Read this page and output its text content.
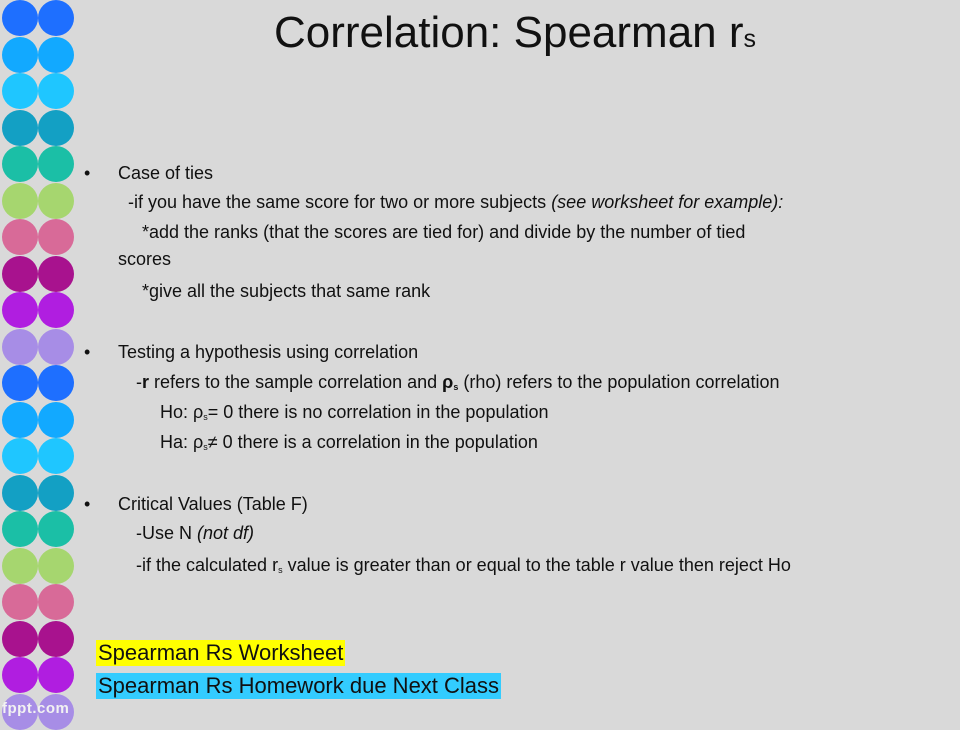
Correlation: Spearman rs
• Case of ties
-if you have the same score for two or more subjects (see worksheet for example):
*add the ranks (that the scores are tied for) and divide by the number of tied
scores
*give all the subjects that same rank
• Testing a hypothesis using correlation
-r refers to the sample correlation and ρs (rho) refers to the population correlation
Ho: ρs= 0 there is no correlation in the population
Ha: ρs≠ 0 there is a correlation in the population
• Critical Values (Table F)
-Use N (not df)
-if the calculated rs value is greater than or equal to the table r value then reject Ho
Spearman Rs Worksheet
Spearman Rs Homework due Next Class
fppt.com
